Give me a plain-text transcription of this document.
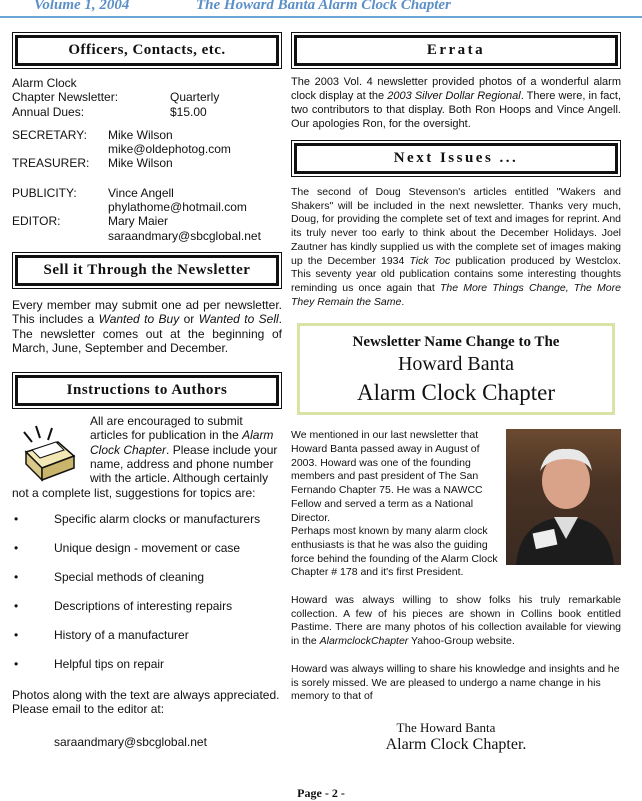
Volume 1, 2004	The Howard Banta Alarm Clock Chapter
Officers, Contacts, etc.
Alarm Clock
Chapter Newsletter:	Quarterly
Annual Dues:	$15.00
SECRETARY:	Mike Wilson
mike@oldephotog.com
TREASURER:	Mike Wilson
PUBLICITY:	Vince Angell
phylathome@hotmail.com
EDITOR:	Mary Maier
saraandmary@sbcglobal.net
Sell it Through the Newsletter
Every member may submit one ad per newsletter. This includes a Wanted to Buy or Wanted to Sell. The newsletter comes out at the beginning of March, June, September and December.
Instructions to Authors
All are encouraged to submit articles for publication in the Alarm Clock Chapter. Please include your name, address and phone number with the article. Although certainly not a complete list, suggestions for topics are:
•	Specific alarm clocks or manufacturers
•	Unique design - movement or case
•	Special methods of cleaning
•	Descriptions of interesting repairs
•	History of a manufacturer
•	Helpful tips on repair
Photos along with the text are always appreciated. Please email to the editor at:
saraandmary@sbcglobal.net
Errata
The 2003 Vol. 4 newsletter provided photos of a wonderful alarm clock display at the 2003 Silver Dollar Regional. There were, in fact, two contributors to that display. Both Ron Hoops and Vince Angell. Our apologies Ron, for the oversight.
Next Issues ...
The second of Doug Stevenson's articles entitled "Wakers and Shakers" will be included in the next newsletter. Thanks very much, Doug, for providing the complete set of text and images for reprint. And its truly never too early to think about the December Holidays. Joel Zautner has kindly supplied us with the complete set of images making up the December 1934 Tick Toc publication produced by Westclox. This seventy year old publication contains some interesting thoughts reminding us once again that The More Things Change, The More They Remain the Same.
Newsletter Name Change to The
Howard Banta
Alarm Clock Chapter
We mentioned in our last newsletter that Howard Banta passed away in August of 2003. Howard was one of the founding members and past president of The San Fernando Chapter 75. He was a NAWCC Fellow and served a term as a National Director.
Perhaps most known by many alarm clock enthusiasts is that he was also the guiding force behind the founding of the Alarm Clock Chapter # 178 and it's first President.
Howard was always willing to show folks his truly remarkable collection. A few of his pieces are shown in Collins book entitled Pastime. There are many photos of his collection available for viewing in the AlarmclockChapter Yahoo-Group website.
Howard was always willing to share his knowledge and insights and he is sorely missed. We are pleased to undergo a name change in his memory to that of
The Howard Banta
Alarm Clock Chapter.
Page - 2 -
